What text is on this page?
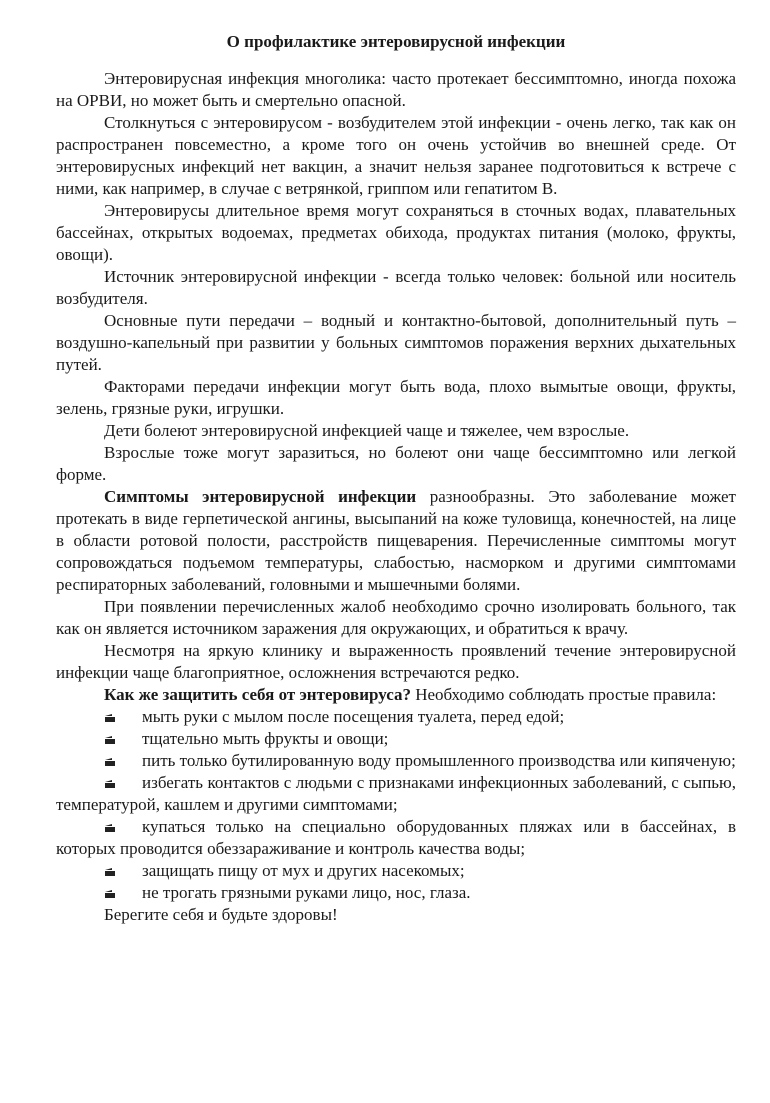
О профилактике энтеровирусной инфекции

Энтеровирусная инфекция многолика: часто протекает бессимптомно, иногда похожа на ОРВИ, но может быть и смертельно опасной.

Столкнуться с энтеровирусом - возбудителем этой инфекции - очень легко, так как он распространен повсеместно, а кроме того он очень устойчив во внешней среде. От энтеровирусных инфекций нет вакцин, а значит нельзя заранее подготовиться к встрече с ними, как например, в случае с ветрянкой, гриппом или гепатитом В.

Энтеровирусы длительное время могут сохраняться в сточных водах, плавательных бассейнах, открытых водоемах, предметах обихода, продуктах питания (молоко, фрукты, овощи).

Источник энтеровирусной инфекции - всегда только человек: больной или носитель возбудителя.

Основные пути передачи – водный и контактно-бытовой, дополнительный путь – воздушно-капельный при развитии у больных симптомов поражения верхних дыхательных путей.

Факторами передачи инфекции могут быть вода, плохо вымытые овощи, фрукты, зелень, грязные руки, игрушки.

Дети болеют энтеровирусной инфекцией чаще и тяжелее, чем взрослые.

Взрослые тоже могут заразиться, но болеют они чаще бессимптомно или легкой форме.

Симптомы энтеровирусной инфекции разнообразны. Это заболевание может протекать в виде герпетической ангины, высыпаний на коже туловища, конечностей, на лице в области ротовой полости, расстройств пищеварения. Перечисленные симптомы могут сопровождаться подъемом температуры, слабостью, насморком и другими симптомами респираторных заболеваний, головными и мышечными болями.

При появлении перечисленных жалоб необходимо срочно изолировать больного, так как он является источником заражения для окружающих, и обратиться к врачу.

Несмотря на яркую клинику и выраженность проявлений течение энтеровирусной инфекции чаще благоприятное, осложнения встречаются редко.

Как же защитить себя от энтеровируса? Необходимо соблюдать простые правила:

мыть руки с мылом после посещения туалета, перед едой;

тщательно мыть фрукты и овощи;

пить только бутилированную воду промышленного производства или кипяченую;

избегать контактов с людьми с признаками инфекционных заболеваний, с сыпью, температурой, кашлем и другими симптомами;

купаться только на специально оборудованных пляжах или в бассейнах, в которых проводится обеззараживание и контроль качества воды;

защищать пищу от мух и других насекомых;

не трогать грязными руками лицо, нос, глаза.

Берегите себя и будьте здоровы!
